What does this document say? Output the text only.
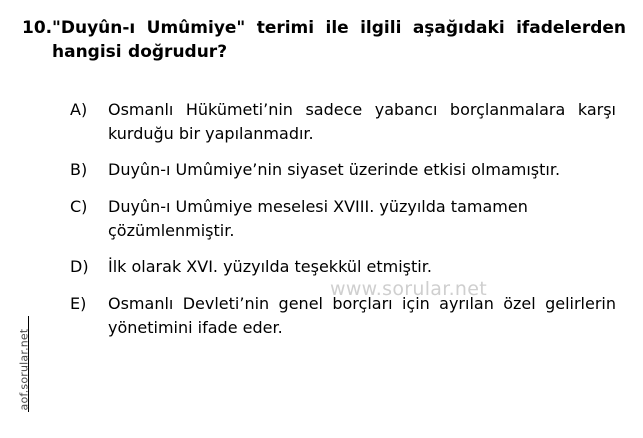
aof.sorular.net
www.sorular.net
10. "Duyûn-ı Umûmiye" terimi ile ilgili aşağıdaki ifadelerden hangisi doğrudur?
A)	Osmanlı Hükümeti’nin sadece yabancı borçlanmalara karşı kurduğu bir yapılanmadır.
B)	Duyûn-ı Umûmiye’nin siyaset üzerinde etkisi olmamıştır.
C)	Duyûn-ı Umûmiye meselesi XVIII. yüzyılda tamamen çözümlenmiştir.
D)	İlk olarak XVI. yüzyılda teşekkül etmiştir.
E)	Osmanlı Devleti’nin genel borçları için ayrılan özel gelirlerin yönetimini ifade eder.
